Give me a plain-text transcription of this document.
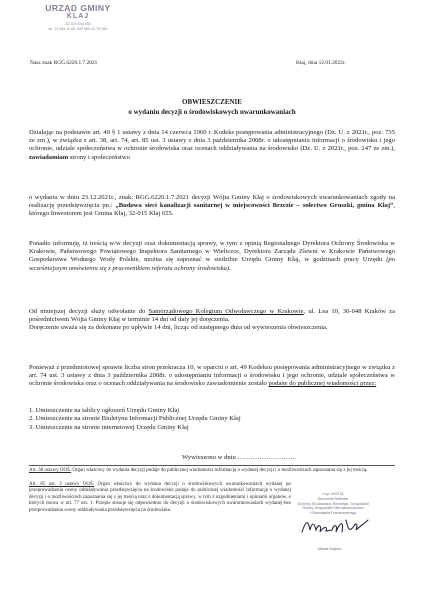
URZĄD GMINY
KLAJ
32-015 Klaj 655
tel. 12 284 11 60, NIP 683-10-75-345
Nasz znak RGG.6220.1.7.2021	Kłaj, dnia 12.01.2022r.
OBWIESZCZENIE
o wydaniu decyzji o środowiskowych uwarunkowaniach
Działając na podstawie art. 49 § 1 ustawy z dnia 14 czerwca 1960 r. Kodeks postępowania administracyjnego (Dz. U. z 2021r., poz. 735 ze zm.), w związku z art. 38, art. 74, art. 85 ust. 3 ustawy z dnia 3 października 2008r. o udostępnianiu informacji o środowisku i jego ochronie, udziale społeczeństwa w ochronie środowiska oraz ocenach oddziaływania na środowisko (Dz. U. z 2021r., poz. 247 ze zm.), zawiadamiam strony i społeczeństwo
o wydaniu w dniu 23.12.2021r., znak: RGG.6220.1.7.2021 decyzji Wójta Gminy Kłaj o środowiskowych uwarunkowaniach zgody na realizację przedsięwzięcia pn.: „Budowa sieci kanalizacji sanitarnej w miejscowości Brzezie – sołectwo Gruszki, gmina Kłaj”, którego Inwestorem jest Gmina Kłaj, 32-015 Kłaj 655.
Ponadto informuję, iż treścią w/w decyzji oraz dokumentacją sprawy, w tym z opinią Regionalnego Dyrektora Ochrony Środowiska w Krakowie, Państwowego Powiatowego Inspektora Sanitarnego w Wieliczce, Dyrektora Zarządu Zlewni w Krakowie Państwowego Gospodarstwa Wodnego Wody Polskie, można się zapoznać w siedzibie Urzędu Gminy Kłaj, w godzinach pracy Urzędu (po wcześniejszym umówieniu się z pracownikiem referatu ochrony środowiska).
Od niniejszej decyzji służy odwołanie do Samorządowego Kolegium Odwoławczego w Krakowie, ul. Lea 10, 30-048 Kraków za pośrednictwem Wójta Gminy Kłaj w terminie 14 dni od daty jej doręczenia.
Doręczenie uważa się za dokonane po upływie 14 dni, licząc od następnego dnia od wywieszenia obwieszczenia.
Ponieważ z przedmiotowej sprawie liczba stron przekracza 10, w oparciu o art. 49 Kodeksu postępowania administracyjnego w związku z art. 74 ust. 3 ustawy z dnia 3 października 2008r. o udostępnianiu informacji o środowisku i jego ochronie, udziale społeczeństwa w ochronie środowiska oraz o ocenach oddziaływania na środowisko zawiadomienie zostało podane do publicznej wiadomości przez:
1. Umieszczenie na tablicy ogłoszeń Urzędu Gminy Kłaj
2. Umieszczenie na stronie Biuletynu Informacji Publicznej Urzędu Gminy Kłaj
3. Umieszczenie na stronie internetowej Urzędu Gminy Kłaj
z up. WÓJTA
Kierownik Referatu
Ochrony Środowiska, Rolnictwa, Gospodarki
Rolnej, Gospodarki Nieruchomościami
i Planowania Przestrzennego
Marta Mąsior
Wywieszono w dniu ………………………
Art. 38 ustawy OOŚ. Organ właściwy do wydania decyzji podaje do publicznej wiadomości informację o wydanej decyzji i o możliwościach zapoznania się z jej treścią.
Art. 85 ust. 3 ustawy OOŚ. Organ właściwy do wydania decyzji o środowiskowych uwarunkowaniach wydanej po przeprowadzeniu oceny oddziaływania przedsięwzięcia na środowisko podaje do publicznej wiadomości informację o wydanej decyzji i o możliwościach zapoznania się z jej treścią oraz z dokumentacją sprawy, w tym z uzgodnieniami i opiniami organów, o których mowa w art. 77 ust. 1. Przepis stosuje się odpowiednio do decyzji o środowiskowych uwarunkowaniach wydanej bez przeprowadzenia oceny oddziaływania przedsięwzięcia na środowisko.
